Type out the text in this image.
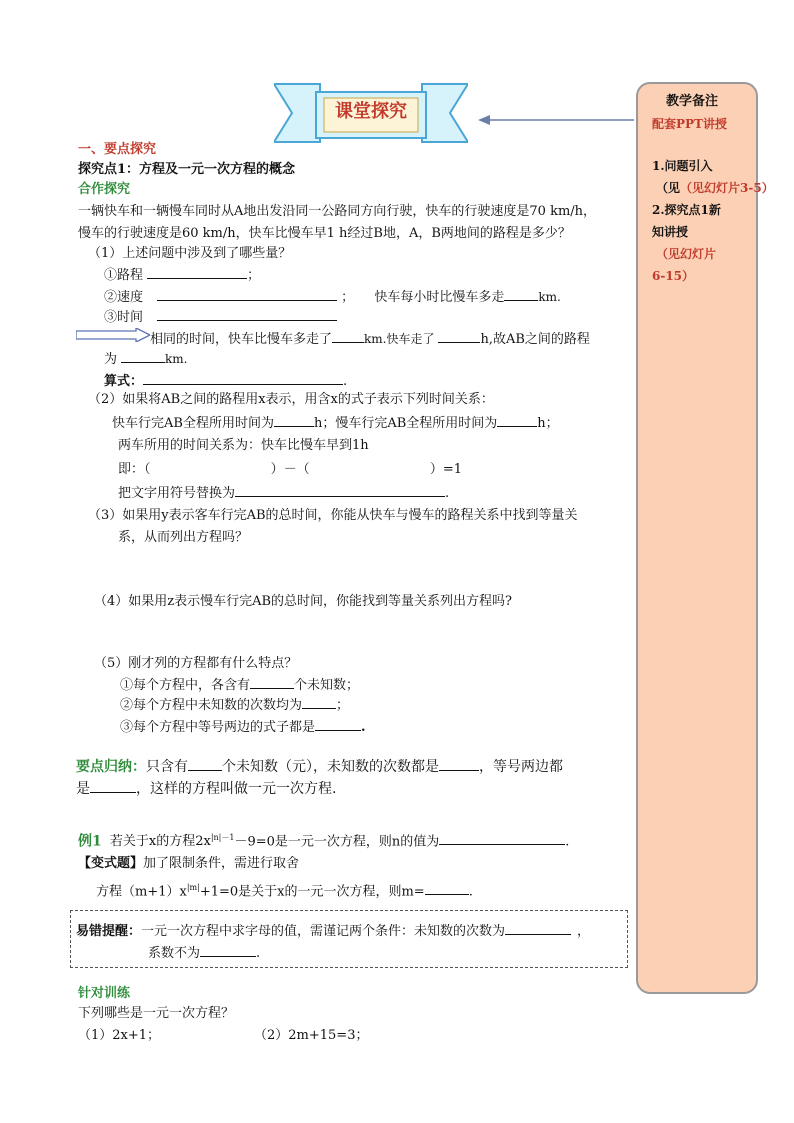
课堂探究	教学备注
配套PPT讲授
1.问题引入
（见（见幻灯片3-5）
2.探究点1新
知讲授
（见幻灯片
6-15）
一、要点探究
探究点1：方程及一元一次方程的概念
合作探究
一辆快车和一辆慢车同时从A地出发沿同一公路同方向行驶，快车的行驶速度是70 km/h，
慢车的行驶速度是60 km/h，快车比慢车早1 h经过B地，A，B两地间的路程是多少？
（1）上述问题中涉及到了哪些量？
①路程	；
②速度	； 快车每小时比慢车多走	km.
③时间
相同的时间，快车比慢车多走了	km.快车走了	h,故AB之间的路程
为	km.
算式：	.
（2）如果将AB之间的路程用x表示，用含x的式子表示下列时间关系：
快车行完AB全程所用时间为	h；慢车行完AB全程所用时间为	h；
两车所用的时间关系为：快车比慢车早到1h
即：（	）－（	）=1
把文字用符号替换为	.
（3）如果用y表示客车行完AB的总时间，你能从快车与慢车的路程关系中找到等量关
系，从而列出方程吗？
（4）如果用z表示慢车行完AB的总时间，你能找到等量关系列出方程吗?
（5）刚才列的方程都有什么特点？
①每个方程中，各含有	个未知数；
②每个方程中未知数的次数均为	；
③每个方程中等号两边的式子都是	.
要点归纳：只含有 个未知数（元），未知数的次数都是	，等号两边都
是	，这样的方程叫做一元一次方程.
例1 若关于x的方程$2x^{|n|-1}-9=0$是一元一次方程，则n的值为	.
【变式题】加了限制条件，需进行取舍
方程$(m+1)x^{|m|}+1=0$是关于x的一元一次方程，则m=	.
易错提醒：一元一次方程中求字母的值，需谨记两个条件：未知数的次数为	，
系数不为	.
针对训练
下列哪些是一元一次方程？
（1）2x+1；	（2）2m+15=3；
